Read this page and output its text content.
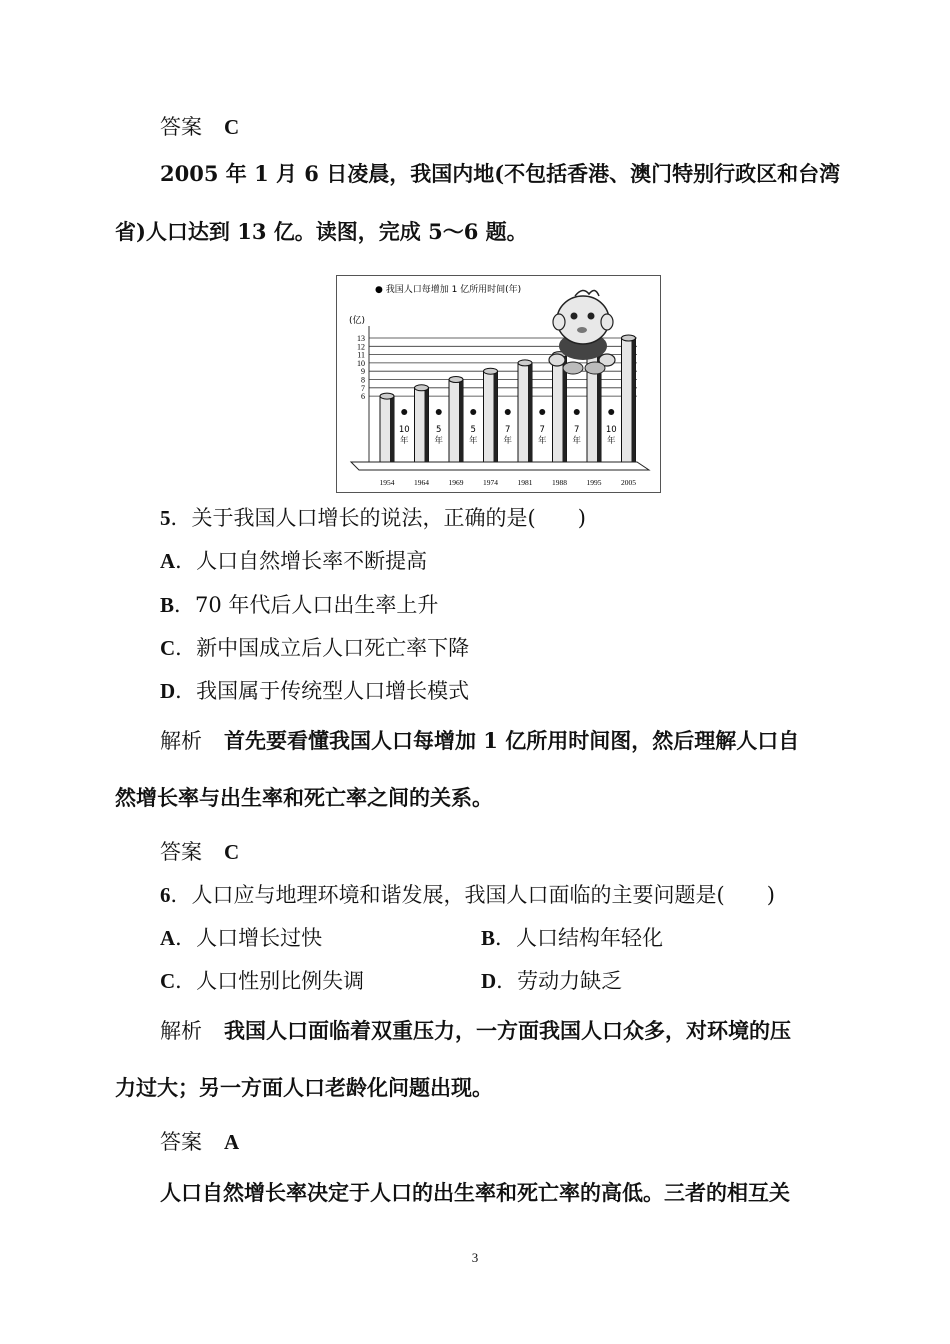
答案 C
2005 年 1 月 6 日凌晨，我国内地(不包括香港、澳门特别行政区和台湾
省)人口达到 13 亿。读图，完成 5～6 题。
● 我国人口每增加 1 亿所用时间(年)
(亿)
6
7
8
9
10
11
12
13
10
年
5
年
5
年
7
年
7
年
7
年
10
年
1954	1964	1969	1974	1981	1988	1995	2005
5．关于我国人口增长的说法，正确的是(　　)
A．人口自然增长率不断提高
B．70 年代后人口出生率上升
C．新中国成立后人口死亡率下降
D．我国属于传统型人口增长模式
解析 首先要看懂我国人口每增加 1 亿所用时间图，然后理解人口自
然增长率与出生率和死亡率之间的关系。
答案 C
6．人口应与地理环境和谐发展，我国人口面临的主要问题是(　　)
A．人口增长过快	B．人口结构年轻化
C．人口性别比例失调	D．劳动力缺乏
解析 我国人口面临着双重压力，一方面我国人口众多，对环境的压
力过大；另一方面人口老龄化问题出现。
答案 A
人口自然增长率决定于人口的出生率和死亡率的高低。三者的相互关
3
